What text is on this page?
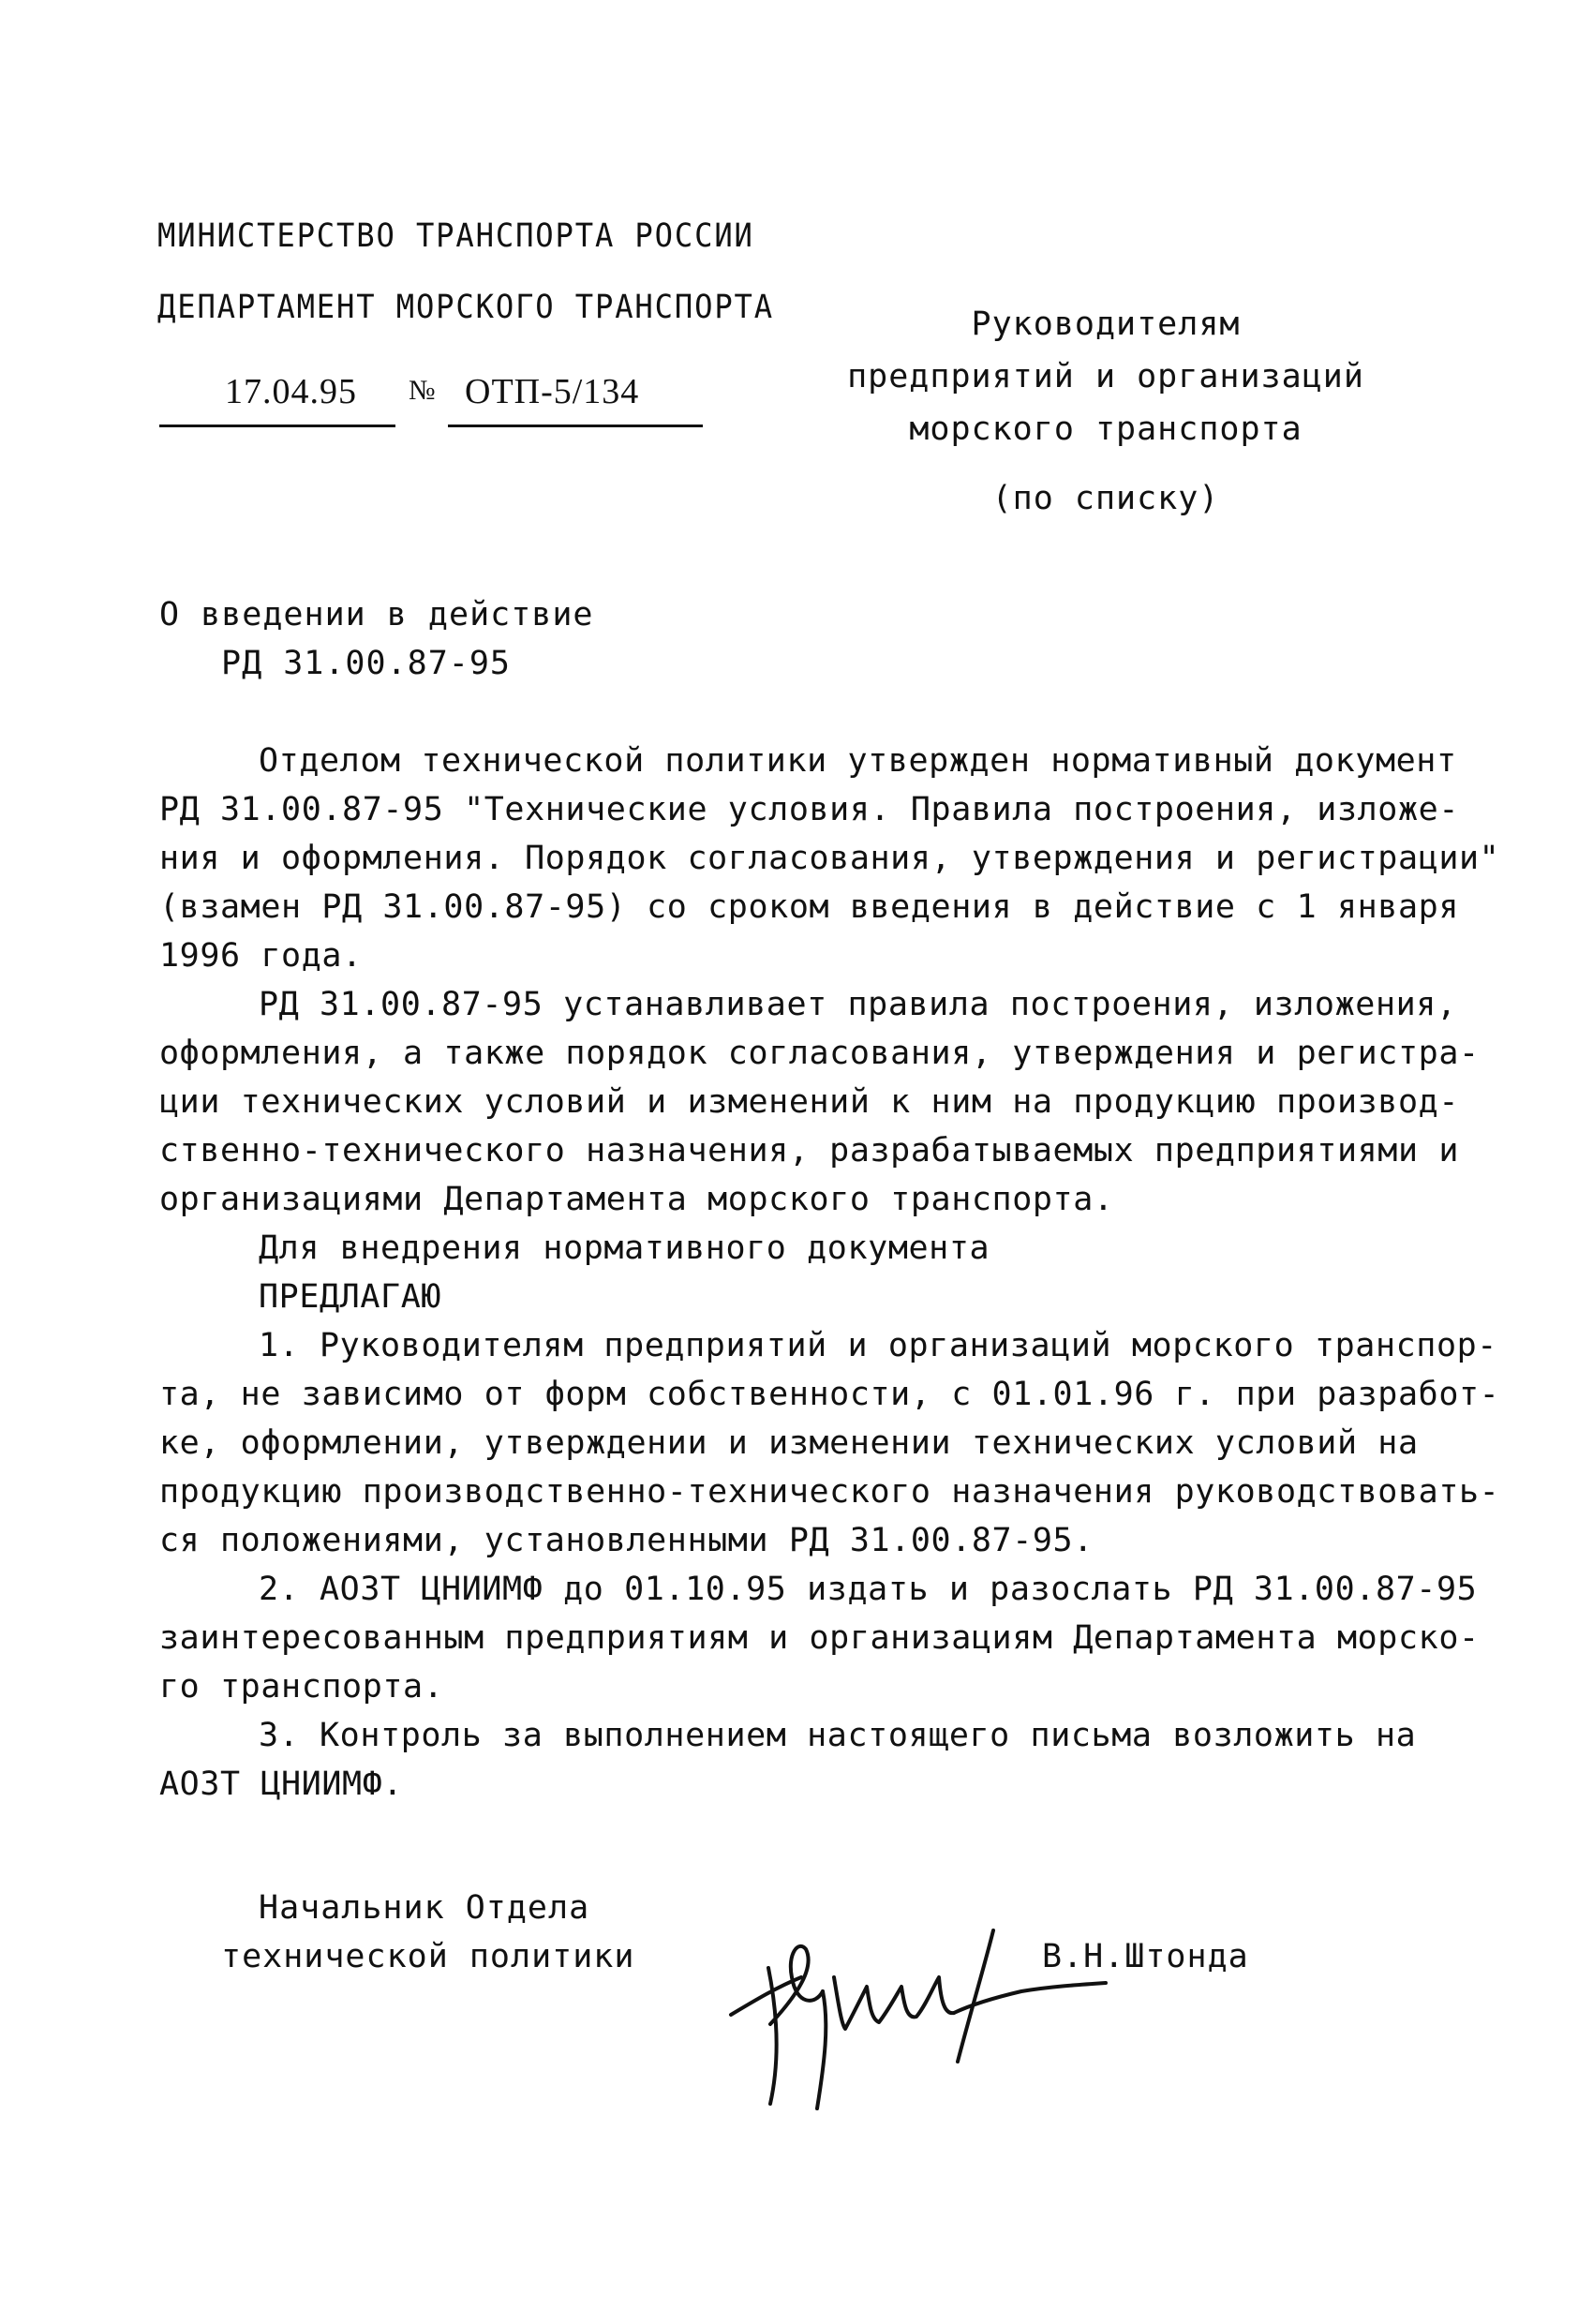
МИНИСТЕРСТВО ТРАНСПОРТА РОССИИ
ДЕПАРТАМЕНТ МОРСКОГО ТРАНСПОРТА
17.04.95 № ОТП-5/134
Руководителям
предприятий и организаций
морского транспорта
(по списку)
О введении в действие
РД 31.00.87-95
Отделом технической политики утвержден нормативный документ
РД 31.00.87-95 "Технические условия. Правила построения, изложе-
ния и оформления. Порядок согласования, утверждения и регистрации"
(взамен РД 31.00.87-95) со сроком введения в действие с 1 января
1996 года.
РД 31.00.87-95 устанавливает правила построения, изложения,
оформления, а также порядок согласования, утверждения и регистра-
ции технических условий и изменений к ним на продукцию производ-
ственно-технического назначения, разрабатываемых предприятиями и
организациями Департамента морского транспорта.
Для внедрения нормативного документа
ПРЕДЛАГАЮ
1. Руководителям предприятий и организаций морского транспор-
та, не зависимо от форм собственности, с 01.01.96 г. при разработ-
ке, оформлении, утверждении и изменении технических условий на
продукцию производственно-технического назначения руководствовать-
ся положениями, установленными РД 31.00.87-95.
2. АОЗТ ЦНИИМФ до 01.10.95 издать и разослать РД 31.00.87-95
заинтересованным предприятиям и организациям Департамента морско-
го транспорта.
3. Контроль за выполнением настоящего письма возложить на
АОЗТ ЦНИИМФ.
Начальник Отдела
технической политики	В.Н.Штонда
